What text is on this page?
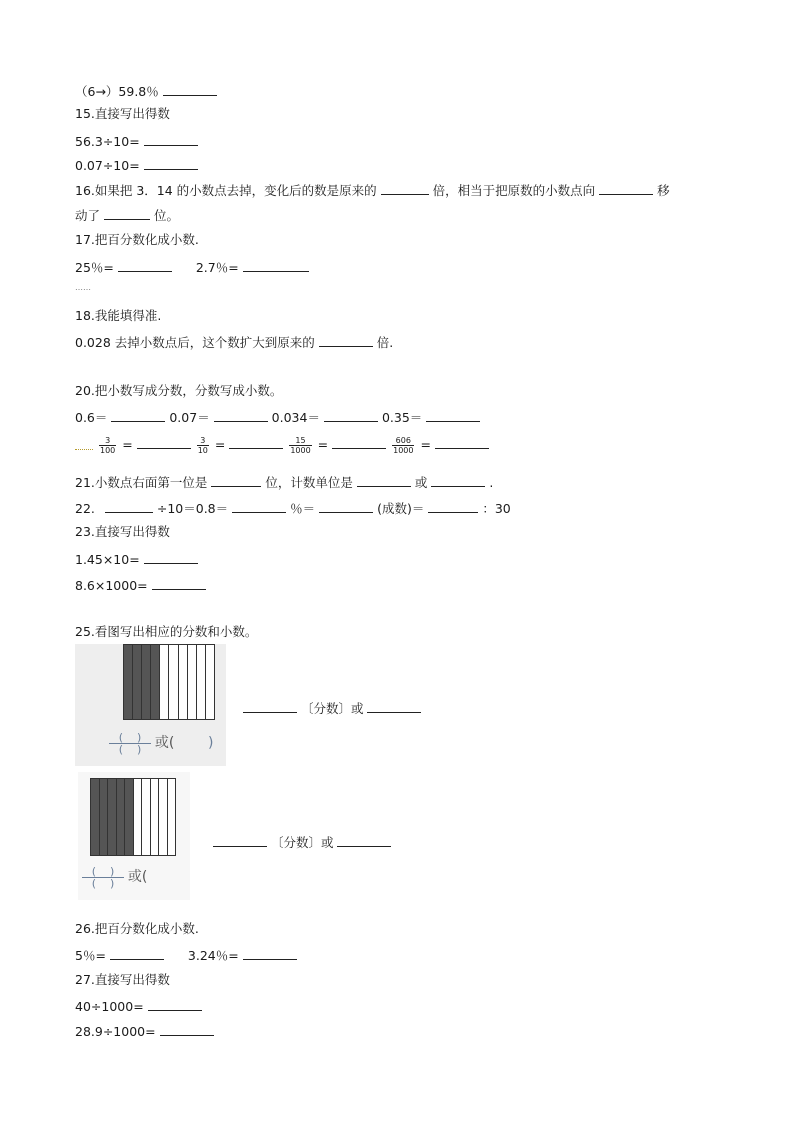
（6→）59.8％
15.直接写出得数
56.3÷10=
0.07÷10=
16.如果把 3．14 的小数点去掉，变化后的数是原来的	倍，相当于把原数的小数点向	移
动了	位。
17.把百分数化成小数.
25％=	2.7％=
……
18.我能填得准.
0.028 去掉小数点后，这个数扩大到原来的	倍.
20.把小数写成分数，分数写成小数。
0.6＝	0.07＝	0.034＝	0.35＝

$\frac{3}{100}$ =	$\frac{3}{10}$ =	$\frac{15}{1000}$ =	$\frac{606}{1000}$ =
21.小数点右面第一位是	位，计数单位是	或	.
22.	÷10＝0.8＝	％＝	(成数)＝	：30
23.直接写出得数
1.45×10=
8.6×1000=
25.看图写出相应的分数和小数。
( )
( ) 或( )
〔分数〕或
( )
( ) 或(
〔分数〕或
26.把百分数化成小数.
5％=	3.24％=
27.直接写出得数
40÷1000=
28.9÷1000=
